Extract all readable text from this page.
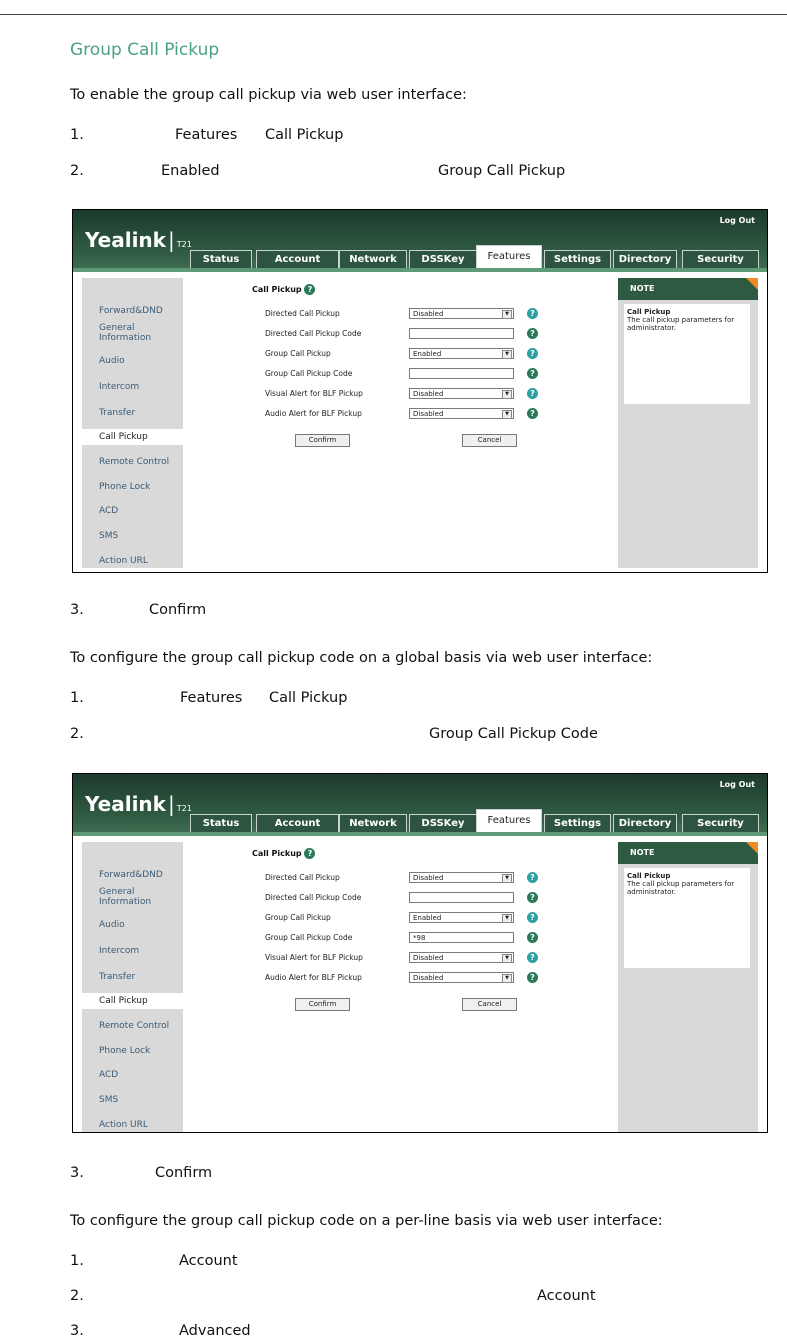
Group Call Pickup
To enable the group call pickup via web user interface:
1.	Features Call Pickup
2.	Enabled	Group Call Pickup
Yealink | T21
Log Out
Status	Account	Network	DSSKey	Features	Settings	Directory	Security
Forward&DND
General
Information
Audio
Intercom
Transfer
Call Pickup
Remote Control
Phone Lock
ACD
SMS
Action URL
Call Pickup ?
Directed Call Pickup	Disabled	▼	?
Directed Call Pickup Code	?
Group Call Pickup	Enabled	▼	?
Group Call Pickup Code	?
Visual Alert for BLF Pickup	Disabled	▼	?
Audio Alert for BLF Pickup	Disabled	▼	?
Confirm	Cancel
NOTE
Call Pickup
The call pickup parameters for administrator.
3.	Confirm
To configure the group call pickup code on a global basis via web user interface:
1.	Features Call Pickup
2.	Group Call Pickup Code
Yealink | T21
Log Out
Status	Account	Network	DSSKey	Features	Settings	Directory	Security
Forward&DND
General
Information
Audio
Intercom
Transfer
Call Pickup
Remote Control
Phone Lock
ACD
SMS
Action URL
Call Pickup ?
Directed Call Pickup	Disabled	▼	?
Directed Call Pickup Code	?
Group Call Pickup	Enabled	▼	?
Group Call Pickup Code	*98	?
Visual Alert for BLF Pickup	Disabled	▼	?
Audio Alert for BLF Pickup	Disabled	▼	?
Confirm	Cancel
NOTE
Call Pickup
The call pickup parameters for administrator.
3.	Confirm
To configure the group call pickup code on a per-line basis via web user interface:
1.	Account
2.	Account
3.	Advanced
